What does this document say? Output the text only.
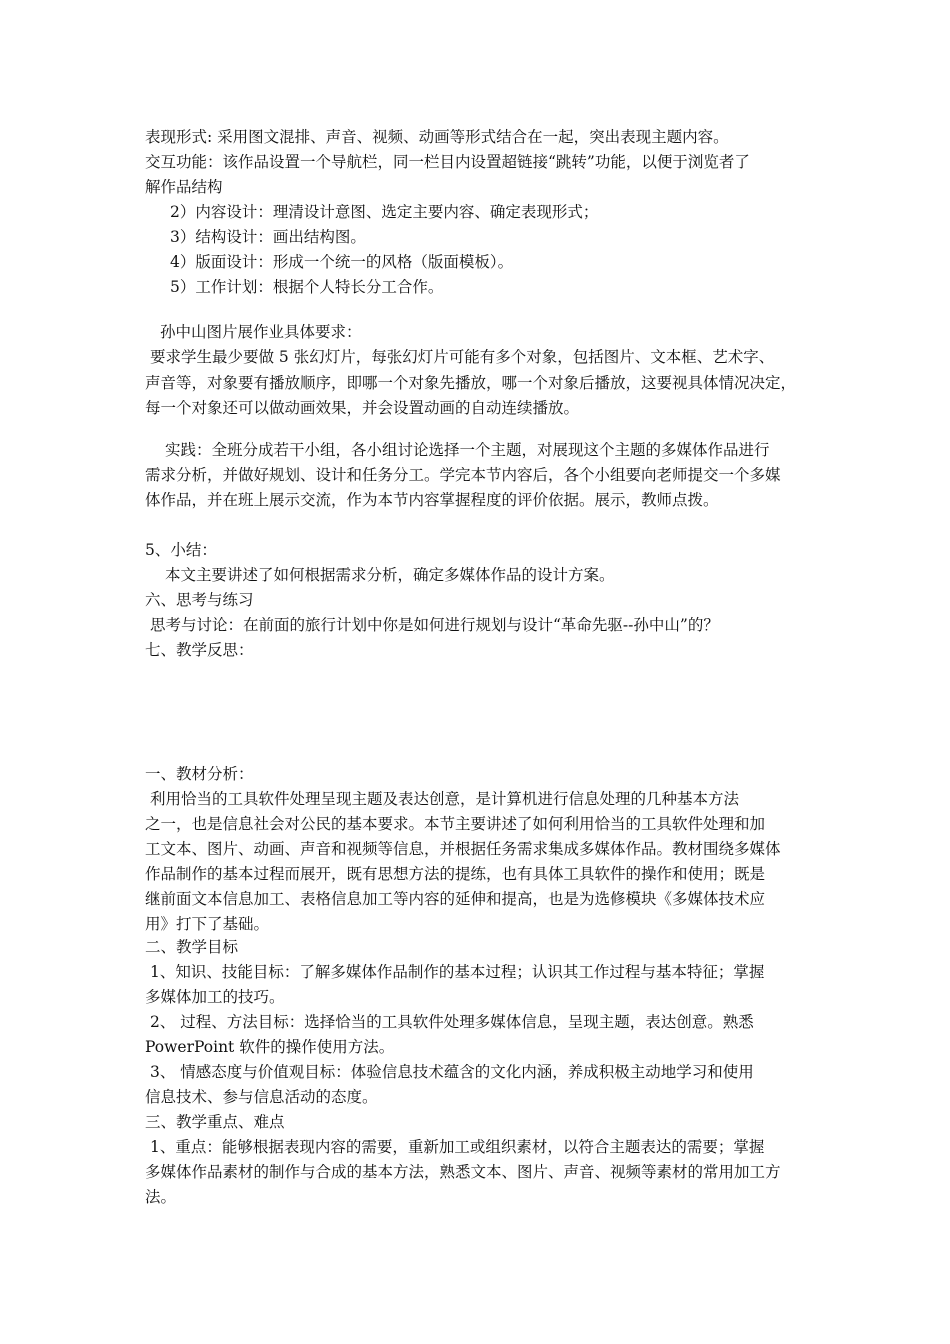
表现形式: 采用图文混排、声音、视频、动画等形式结合在一起，突出表现主题内容。
交互功能：该作品设置一个导航栏，同一栏目内设置超链接“跳转”功能，以便于浏览者了
解作品结构
2）内容设计：理清设计意图、选定主要内容、确定表现形式；
3）结构设计：画出结构图。
4）版面设计：形成一个统一的风格（版面模板）。
5）工作计划：根据个人特长分工合作。
孙中山图片展作业具体要求：
要求学生最少要做 5 张幻灯片，每张幻灯片可能有多个对象，包括图片、文本框、艺术字、
声音等，对象要有播放顺序，即哪一个对象先播放，哪一个对象后播放，这要视具体情况决定，
每一个对象还可以做动画效果，并会设置动画的自动连续播放。
实践：全班分成若干小组，各小组讨论选择一个主题，对展现这个主题的多媒体作品进行
需求分析，并做好规划、设计和任务分工。学完本节内容后，各个小组要向老师提交一个多媒
体作品，并在班上展示交流，作为本节内容掌握程度的评价依据。展示，教师点拨。
5、小结：
本文主要讲述了如何根据需求分析，确定多媒体作品的设计方案。
六、思考与练习
思考与讨论：在前面的旅行计划中你是如何进行规划与设计“革命先驱--孙中山”的？
七、教学反思：
一、教材分析：
利用恰当的工具软件处理呈现主题及表达创意，是计算机进行信息处理的几种基本方法
之一，也是信息社会对公民的基本要求。本节主要讲述了如何利用恰当的工具软件处理和加
工文本、图片、动画、声音和视频等信息，并根据任务需求集成多媒体作品。教材围绕多媒体
作品制作的基本过程而展开，既有思想方法的提练，也有具体工具软件的操作和使用；既是
继前面文本信息加工、表格信息加工等内容的延伸和提高，也是为选修模块《多媒体技术应
用》打下了基础。
二、教学目标
1、知识、技能目标：了解多媒体作品制作的基本过程；认识其工作过程与基本特征；掌握
多媒体加工的技巧。
2、 过程、方法目标：选择恰当的工具软件处理多媒体信息，呈现主题，表达创意。熟悉
PowerPoint 软件的操作使用方法。
3、 情感态度与价值观目标：体验信息技术蕴含的文化内涵，养成积极主动地学习和使用
信息技术、参与信息活动的态度。
三、教学重点、难点
1、重点：能够根据表现内容的需要，重新加工或组织素材，以符合主题表达的需要；掌握
多媒体作品素材的制作与合成的基本方法，熟悉文本、图片、声音、视频等素材的常用加工方
法。
